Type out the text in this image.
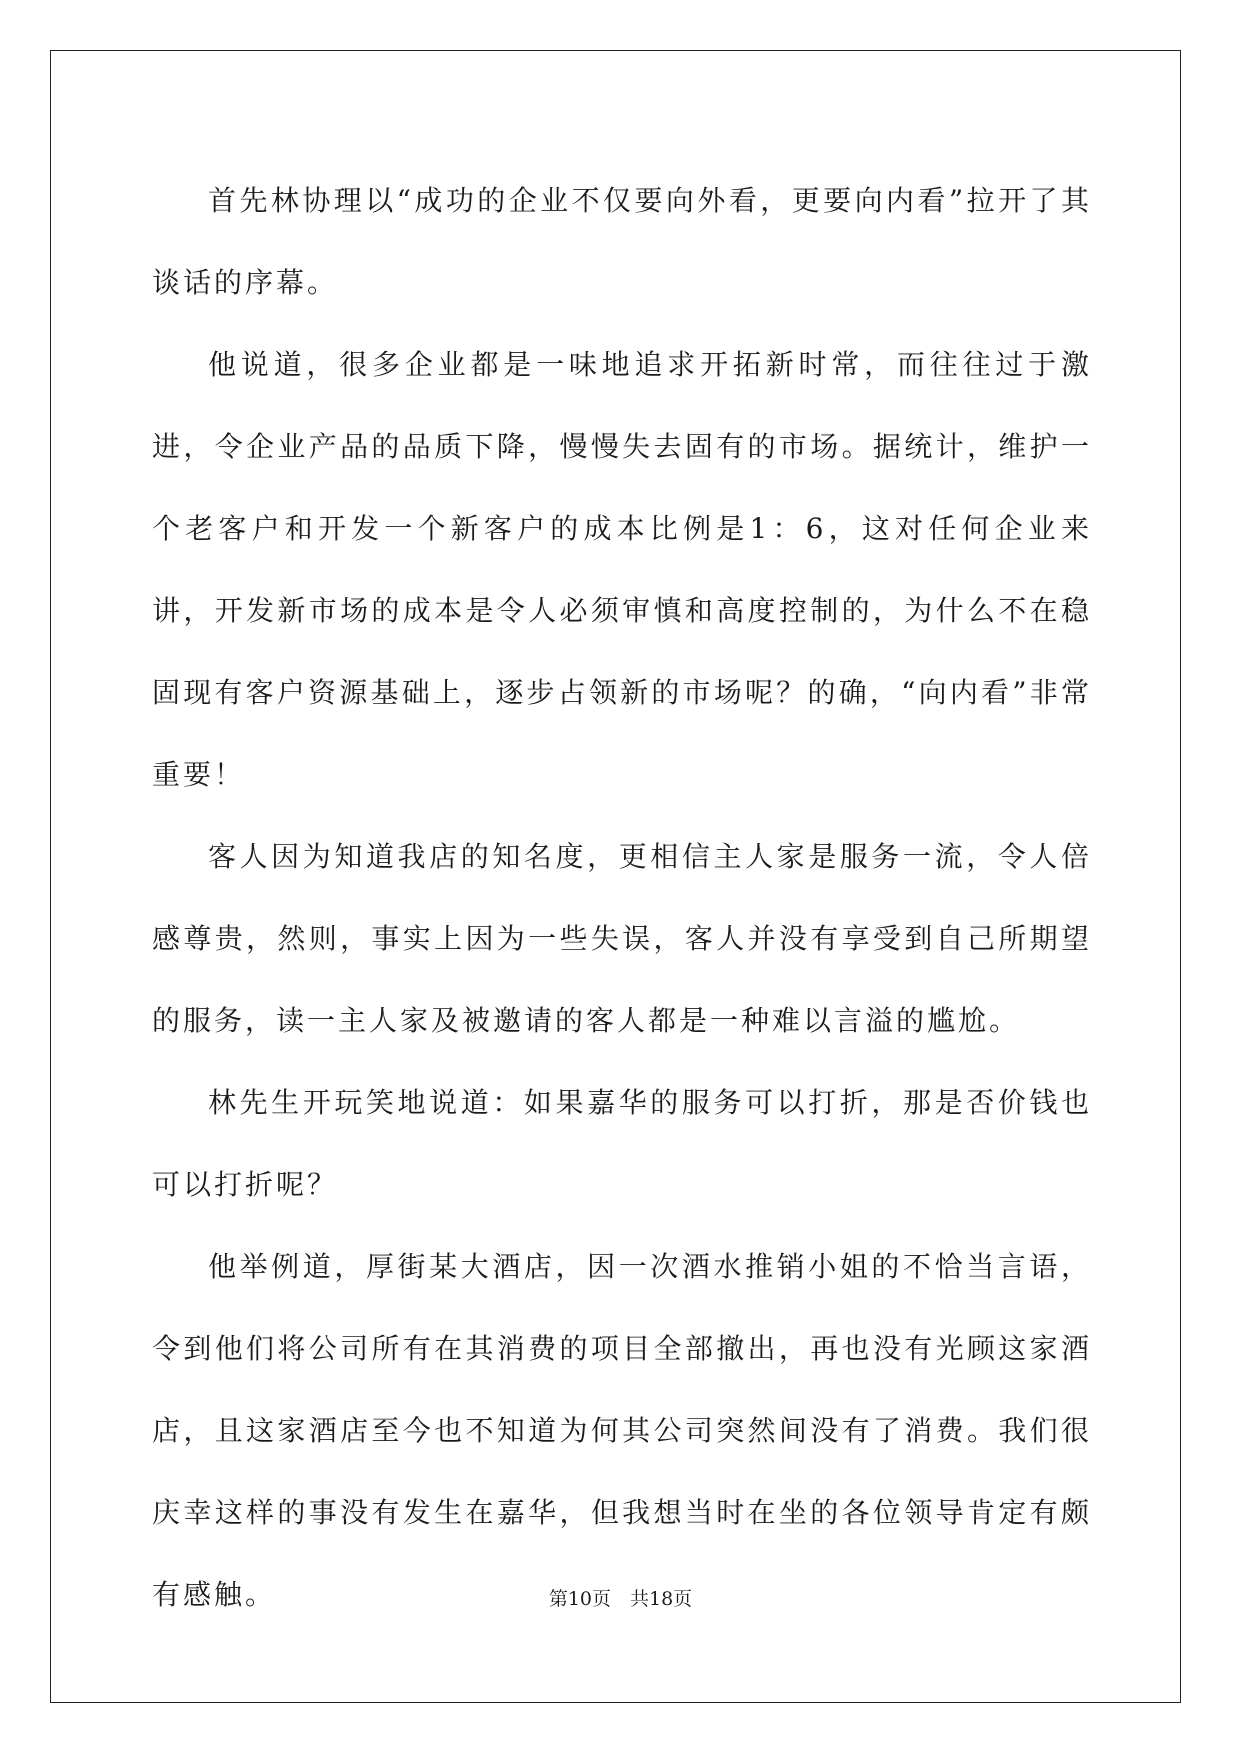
首先林协理以“成功的企业不仅要向外看，更要向内看”拉开了其谈话的序幕。

他说道，很多企业都是一味地追求开拓新时常，而往往过于激进，令企业产品的品质下降，慢慢失去固有的市场。据统计，维护一个老客户和开发一个新客户的成本比例是1：6，这对任何企业来讲，开发新市场的成本是令人必须审慎和高度控制的，为什么不在稳固现有客户资源基础上，逐步占领新的市场呢？的确，“向内看”非常重要！

客人因为知道我店的知名度，更相信主人家是服务一流，令人倍感尊贵，然则，事实上因为一些失误，客人并没有享受到自己所期望的服务，读一主人家及被邀请的客人都是一种难以言溢的尴尬。

林先生开玩笑地说道：如果嘉华的服务可以打折，那是否价钱也可以打折呢？

他举例道，厚街某大酒店，因一次酒水推销小姐的不恰当言语，令到他们将公司所有在其消费的项目全部撤出，再也没有光顾这家酒店，且这家酒店至今也不知道为何其公司突然间没有了消费。我们很庆幸这样的事没有发生在嘉华，但我想当时在坐的各位领导肯定有颇有感触。	第10页　共18页
